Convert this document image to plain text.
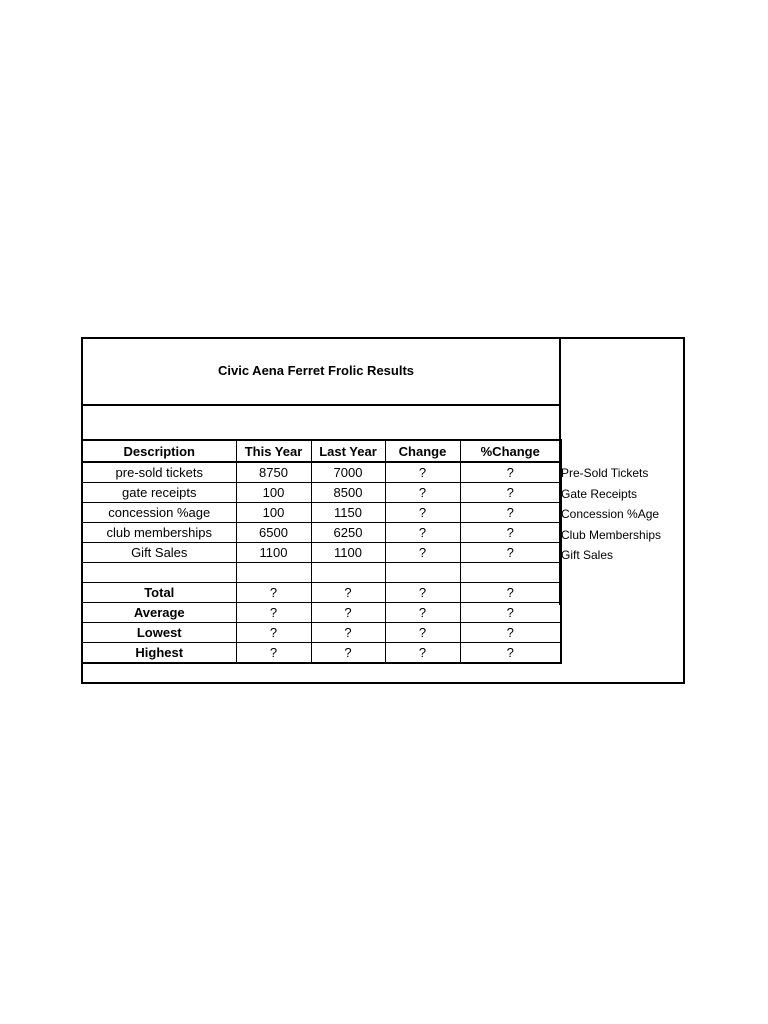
Civic Aena Ferret Frolic Results
Description	This Year	Last Year	Change	%Change
pre-sold tickets	8750	7000	?	?
gate receipts	100	8500	?	?
concession %age	100	1150	?	?
club memberships	6500	6250	?	?
Gift Sales	1100	1100	?	?

Total	?	?	?	?
Average	?	?	?	?
Lowest	?	?	?	?
Highest	?	?	?	?
Pre-Sold Tickets
Gate Receipts
Concession %Age
Club Memberships
Gift Sales
